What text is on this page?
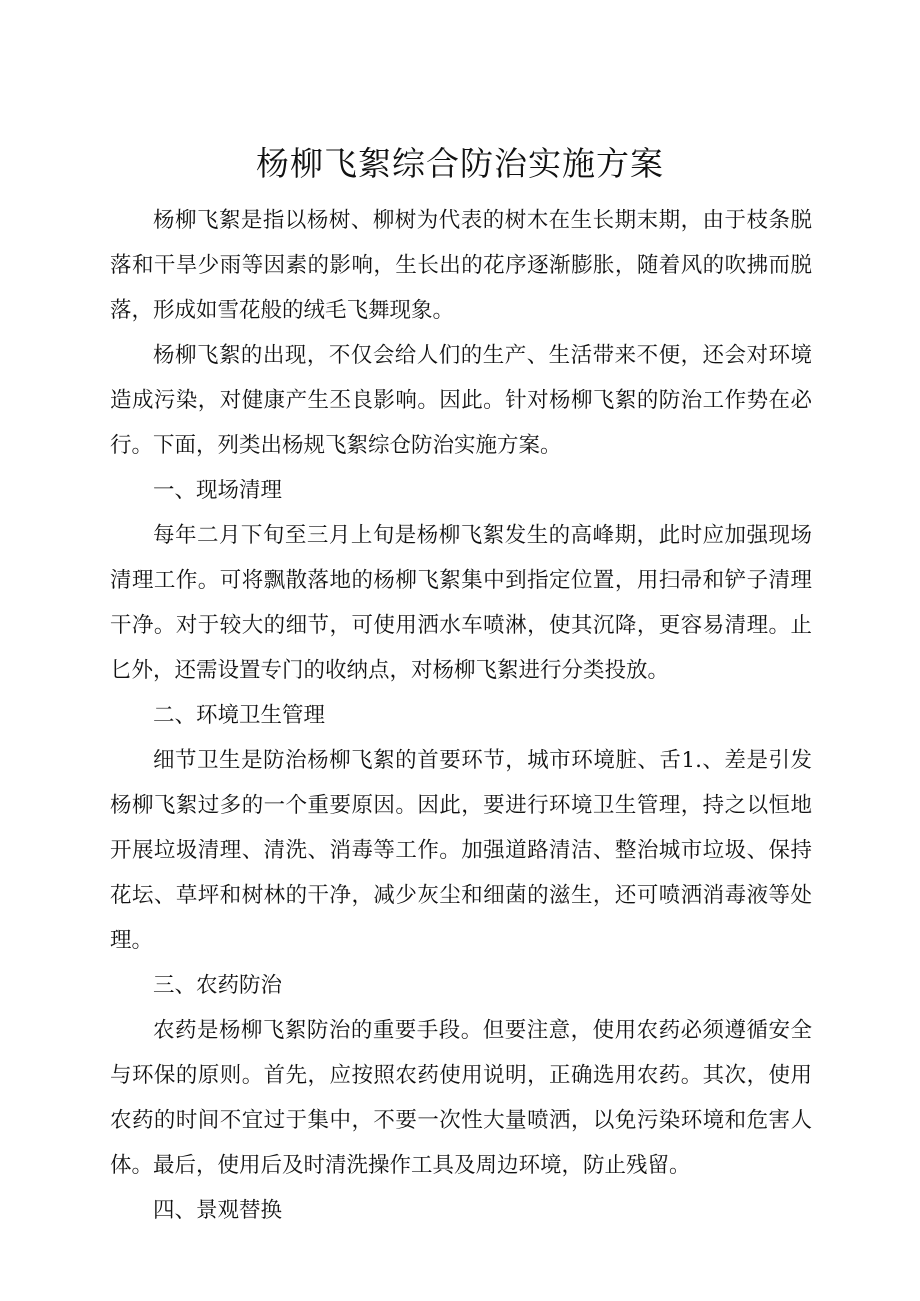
杨柳飞絮综合防治实施方案

杨柳飞絮是指以杨树、柳树为代表的树木在生长期末期，由于枝条脱落和干旱少雨等因素的影响，生长出的花序逐渐膨胀，随着风的吹拂而脱落，形成如雪花般的绒毛飞舞现象。

杨柳飞絮的出现，不仅会给人们的生产、生活带来不便，还会对环境造成污染，对健康产生丕良影响。因此。针对杨柳飞絮的防治工作势在必行。下面，列类出杨规飞絮综仓防治实施方案。

一、现场清理

每年二月下旬至三月上旬是杨柳飞絮发生的高峰期，此时应加强现场清理工作。可将飘散落地的杨柳飞絮集中到指定位置，用扫帚和铲子清理干净。对于较大的细节，可使用洒水车喷淋，使其沉降，更容易清理。止匕外，还需设置专门的收纳点，对杨柳飞絮进行分类投放。

二、环境卫生管理

细节卫生是防治杨柳飞絮的首要环节，城市环境脏、舌1.、差是引发杨柳飞絮过多的一个重要原因。因此，要进行环境卫生管理，持之以恒地开展垃圾清理、清洗、消毒等工作。加强道路清洁、整治城市垃圾、保持花坛、草坪和树林的干净，减少灰尘和细菌的滋生，还可喷洒消毒液等处理。

三、农药防治

农药是杨柳飞絮防治的重要手段。但要注意，使用农药必须遵循安全与环保的原则。首先，应按照农药使用说明，正确选用农药。其次，使用农药的时间不宜过于集中，不要一次性大量喷洒，以免污染环境和危害人体。最后，使用后及时清洗操作工具及周边环境，防止残留。

四、景观替换
